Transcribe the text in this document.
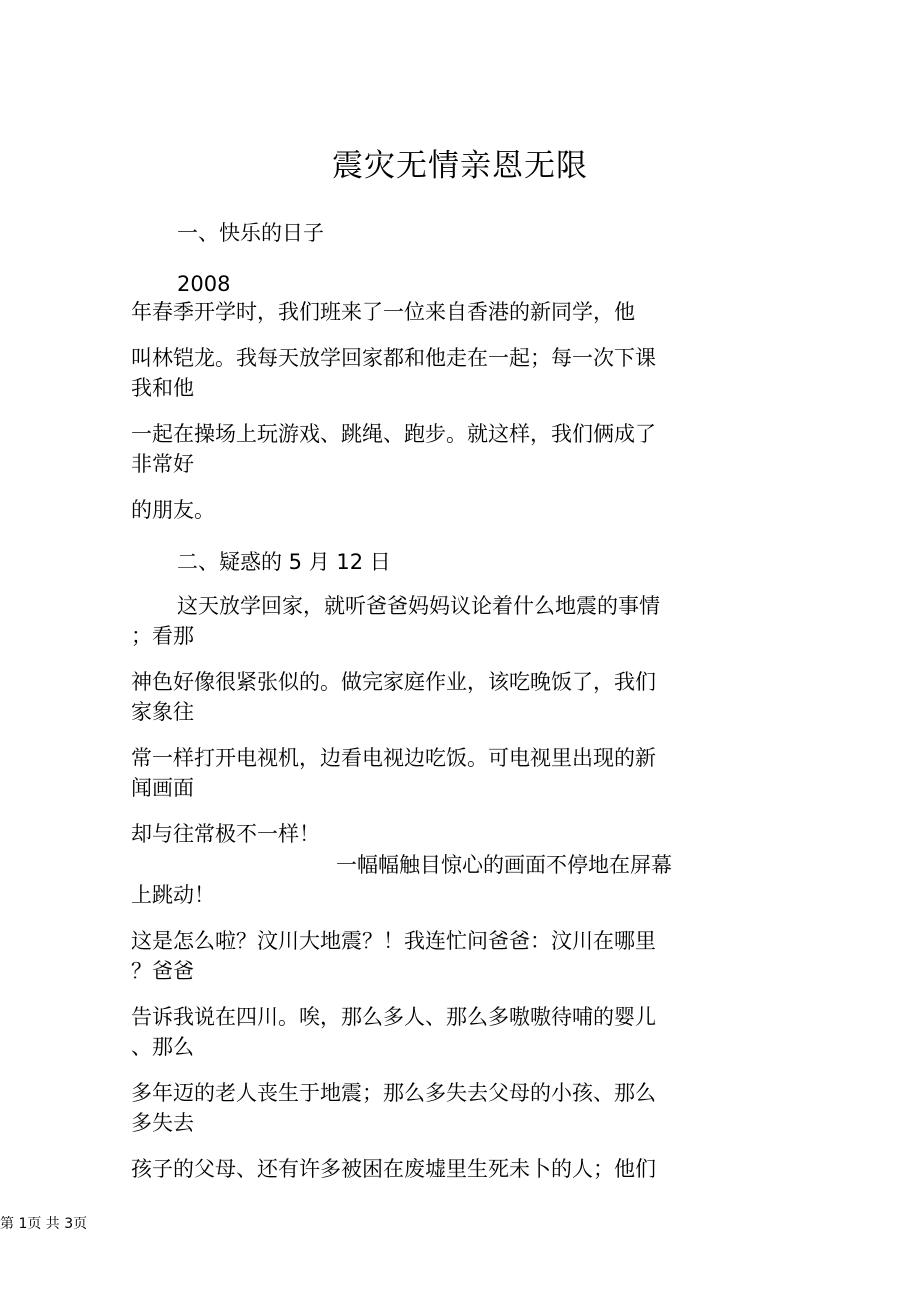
震灾无情亲恩无限
一、快乐的日子
2008
年春季开学时，我们班来了一位来自香港的新同学，他
叫林铠龙。我每天放学回家都和他走在一起；每一次下课
我和他
一起在操场上玩游戏、跳绳、跑步。就这样，我们俩成了
非常好
的朋友。
二、疑惑的 5 月 12 日
这天放学回家，就听爸爸妈妈议论着什么地震的事情
；看那
神色好像很紧张似的。做完家庭作业，该吃晚饭了，我们
家象往
常一样打开电视机，边看电视边吃饭。可电视里出现的新
闻画面
却与往常极不一样！
一幅幅触目惊心的画面不停地在屏幕
上跳动！
这是怎么啦？汶川大地震？！我连忙问爸爸：汶川在哪里
？爸爸
告诉我说在四川。唉，那么多人、那么多嗷嗷待哺的婴儿
、那么
多年迈的老人丧生于地震；那么多失去父母的小孩、那么
多失去
孩子的父母、还有许多被困在废墟里生死未卜的人；他们
第 1页 共 3页
